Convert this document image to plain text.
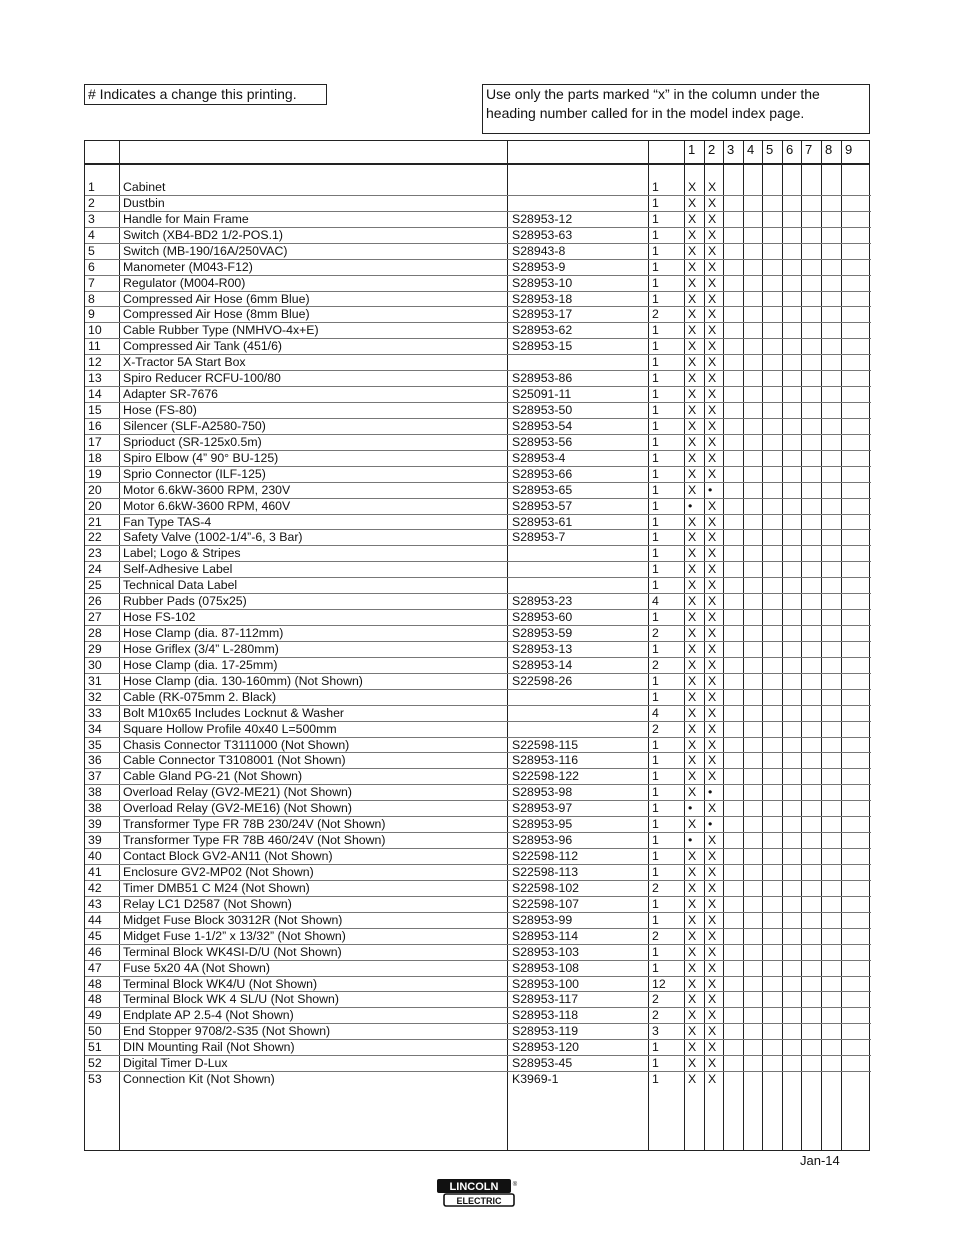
# Indicates a change this printing.	Use only the parts marked “x” in the column under the heading number called for in the model index page.
1 2 3 4 5 6 7 8 9
1 Cabinet	1 X X
2 Dustbin	1 X X
3 Handle for Main Frame	S28953-12	1 X X
4 Switch (XB4-BD2 1/2-POS.1)	S28953-63	1 X X
5 Switch (MB-190/16A/250VAC)	S28943-8	1 X X
6 Manometer (M043-F12)	S28953-9	1 X X
7 Regulator (M004-R00)	S28953-10	1 X X
8 Compressed Air Hose (6mm Blue)	S28953-18	1 X X
9 Compressed Air Hose (8mm Blue)	S28953-17	2 X X
10 Cable Rubber Type (NMHVO-4x+E)	S28953-62	1 X X
11 Compressed Air Tank (451/6)	S28953-15	1 X X
12 X-Tractor 5A Start Box	1 X X
13 Spiro Reducer RCFU-100/80	S28953-86	1 X X
14 Adapter SR-7676	S25091-11	1 X X
15 Hose (FS-80)	S28953-50	1 X X
16 Silencer (SLF-A2580-750)	S28953-54	1 X X
17 Sprioduct (SR-125x0.5m)	S28953-56	1 X X
18 Spiro Elbow (4” 90° BU-125)	S28953-4	1 X X
19 Sprio Connector (ILF-125)	S28953-66	1 X X
20 Motor 6.6kW-3600 RPM, 230V	S28953-65	1 X •
20 Motor 6.6kW-3600 RPM, 460V	S28953-57	1 • X
21 Fan Type TAS-4	S28953-61	1 X X
22 Safety Valve (1002-1/4”-6, 3 Bar)	S28953-7	1 X X
23 Label; Logo & Stripes	1 X X
24 Self-Adhesive Label	1 X X
25 Technical Data Label	1 X X
26 Rubber Pads (075x25)	S28953-23	4 X X
27 Hose FS-102	S28953-60	1 X X
28 Hose Clamp (dia. 87-112mm)	S28953-59	2 X X
29 Hose Griflex (3/4” L-280mm)	S28953-13	1 X X
30 Hose Clamp (dia. 17-25mm)	S28953-14	2 X X
31 Hose Clamp (dia. 130-160mm) (Not Shown)	S22598-26	1 X X
32 Cable (RK-075mm 2. Black)	1 X X
33 Bolt M10x65 Includes Locknut & Washer	4 X X
34 Square Hollow Profile 40x40 L=500mm	2 X X
35 Chasis Connector T3111000 (Not Shown)	S22598-115	1 X X
36 Cable Connector T3108001 (Not Shown)	S28953-116	1 X X
37 Cable Gland PG-21 (Not Shown)	S22598-122	1 X X
38 Overload Relay (GV2-ME21) (Not Shown)	S28953-98	1 X •
38 Overload Relay (GV2-ME16) (Not Shown)	S28953-97	1 • X
39 Transformer Type FR 78B 230/24V (Not Shown)	S28953-95	1 X •
39 Transformer Type FR 78B 460/24V (Not Shown)	S28953-96	1 • X
40 Contact Block GV2-AN11 (Not Shown)	S22598-112	1 X X
41 Enclosure GV2-MP02 (Not Shown)	S22598-113	1 X X
42 Timer DMB51 C M24 (Not Shown)	S22598-102	2 X X
43 Relay LC1 D2587 (Not Shown)	S22598-107	1 X X
44 Midget Fuse Block 30312R (Not Shown)	S28953-99	1 X X
45 Midget Fuse 1-1/2” x 13/32” (Not Shown)	S28953-114	2 X X
46 Terminal Block WK4SI-D/U (Not Shown)	S28953-103	1 X X
47 Fuse 5x20 4A (Not Shown)	S28953-108	1 X X
48 Terminal Block WK4/U (Not Shown)	S28953-100	12 X X
48 Terminal Block WK 4 SL/U (Not Shown)	S28953-117	2 X X
49 Endplate AP 2.5-4 (Not Shown)	S28953-118	2 X X
50 End Stopper 9708/2-S35 (Not Shown)	S28953-119	3 X X
51 DIN Mounting Rail (Not Shown)	S28953-120	1 X X
52 Digital Timer D-Lux	S28953-45	1 X X
53 Connection Kit (Not Shown)	K3969-1	1 X X
Jan-14
LINCOLN ®
ELECTRIC
